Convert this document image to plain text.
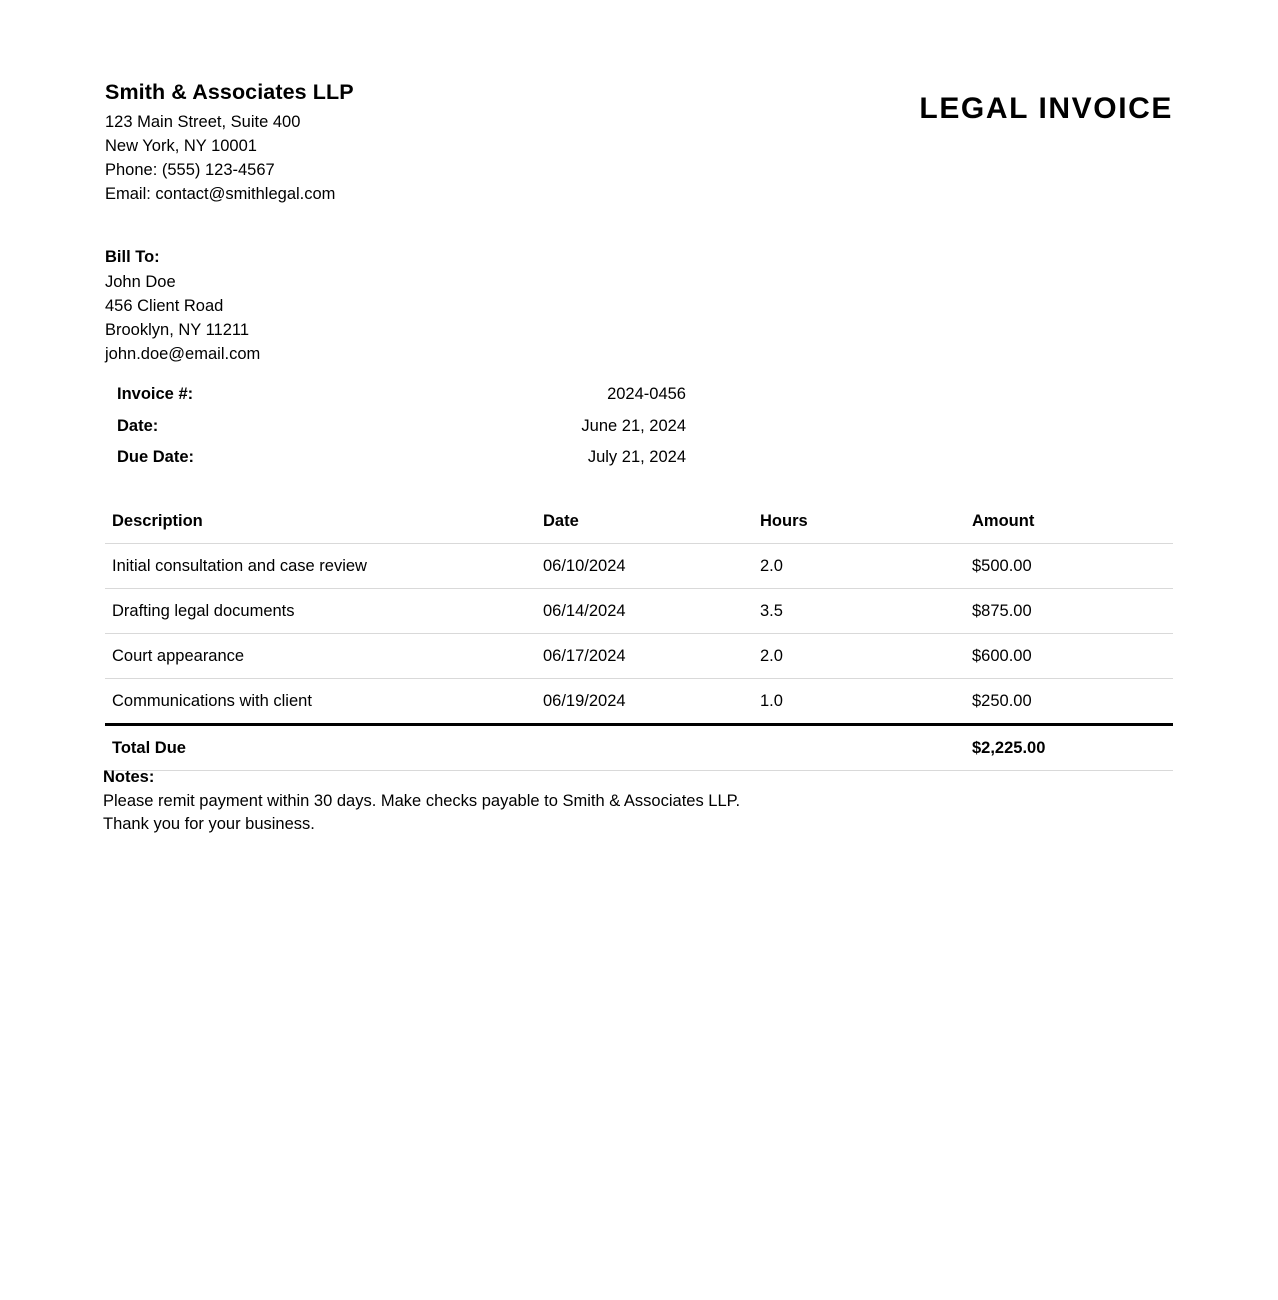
Smith & Associates LLP
123 Main Street, Suite 400
New York, NY 10001
Phone: (555) 123-4567
Email: contact@smithlegal.com
LEGAL INVOICE
Bill To:
John Doe
456 Client Road
Brooklyn, NY 11211
john.doe@email.com
Invoice #:	2024-0456
Date:	June 21, 2024
Due Date:	July 21, 2024
Description	Date	Hours	Amount
Initial consultation and case review	06/10/2024	2.0	$500.00
Drafting legal documents	06/14/2024	3.5	$875.00
Court appearance	06/17/2024	2.0	$600.00
Communications with client	06/19/2024	1.0	$250.00
Total Due			$2,225.00
Notes:
Please remit payment within 30 days. Make checks payable to Smith & Associates LLP.
Thank you for your business.
